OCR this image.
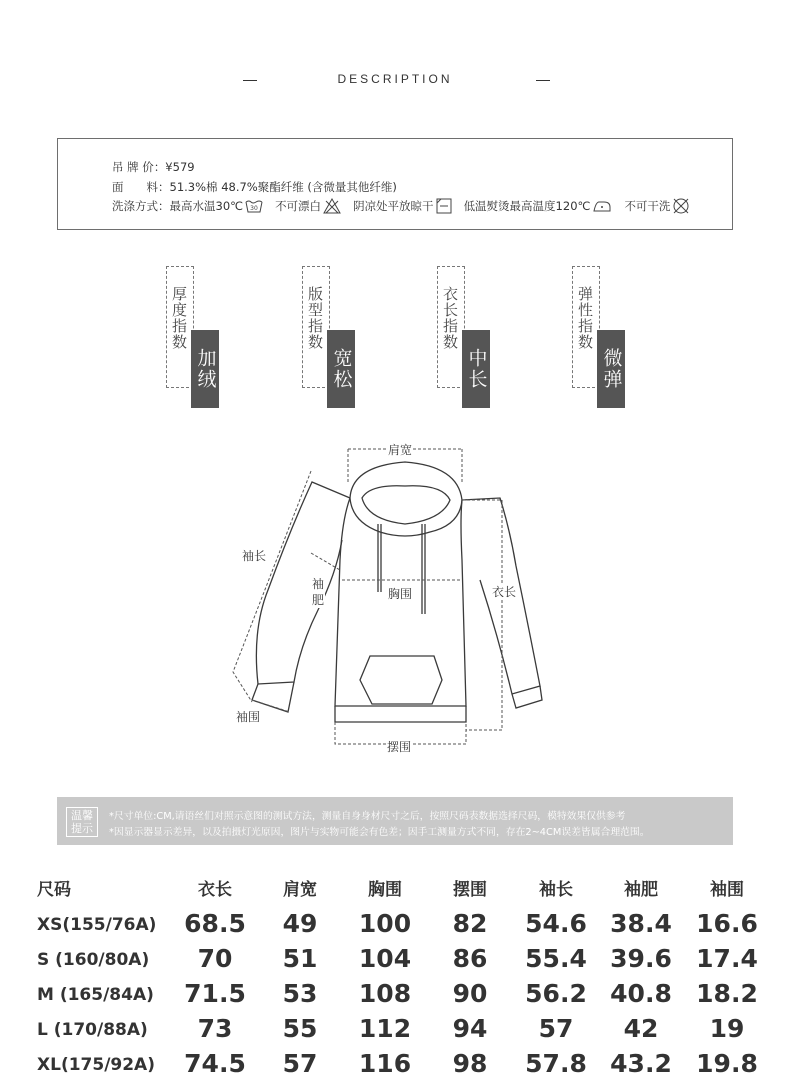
DESCRIPTION
吊 牌 价：¥579
面　　料：51.3%棉 48.7%聚酯纤维 (含微量其他纤维)
洗涤方式 ：最高水温30℃ 30 不可漂白	阴凉处平放晾干	低温熨烫最高温度120℃	不可干洗
厚度指数
加绒
版型指数
宽松
衣长指数
中长
弹性指数
微弹
肩宽
袖长
袖肥	胸围	衣长
袖围
摆围
温馨提示
*尺寸单位:CM,请语丝们对照示意图的测试方法，测量自身身材尺寸之后，按照尺码表数据选择尺码，模特效果仅供参考
*因显示器显示差异，以及拍摄灯光原因，图片与实物可能会有色差；因手工测量方式不同，存在2~4CM误差皆属合理范围。
尺码	衣长	肩宽	胸围	摆围	袖长	袖肥	袖围
XS(155/76A) 68.5	49	100	82	54.6 38.4 16.6
S (160/80A)	70	51	104	86	55.4 39.6 17.4
M (165/84A) 71.5	53	108	90	56.2 40.8 18.2
L (170/88A)	73	55	112	94	57	42	19
XL(175/92A) 74.5	57	116	98	57.8 43.2 19.8
